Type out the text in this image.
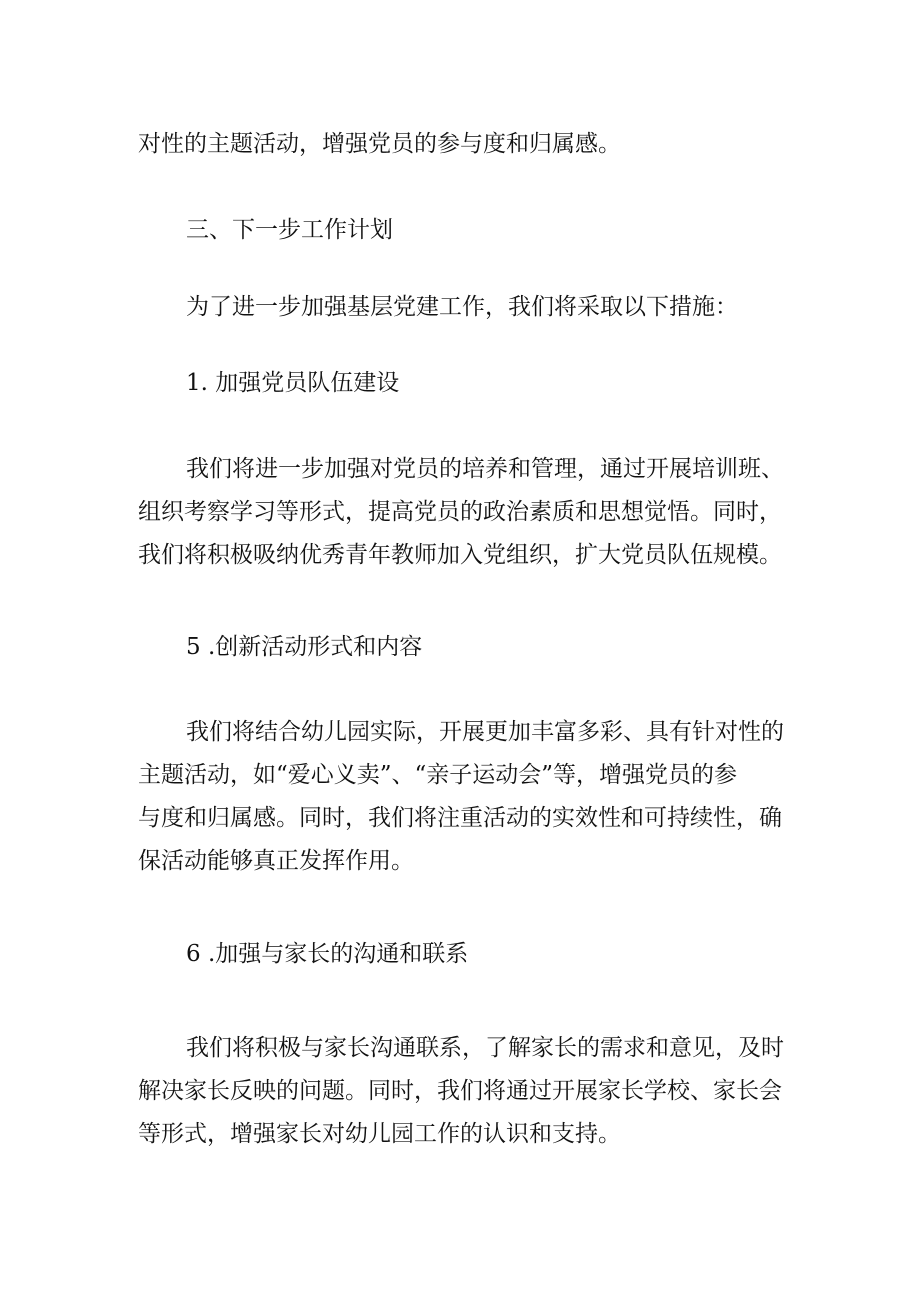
对性的主题活动，增强党员的参与度和归属感。
三、下一步工作计划
为了进一步加强基层党建工作，我们将采取以下措施：
1. 加强党员队伍建设
我们将进一步加强对党员的培养和管理，通过开展培训班、
组织考察学习等形式，提高党员的政治素质和思想觉悟。同时，
我们将积极吸纳优秀青年教师加入党组织，扩大党员队伍规模。
5 .创新活动形式和内容
我们将结合幼儿园实际，开展更加丰富多彩、具有针对性的
主题活动，如“爱心义卖”、“亲子运动会”等，增强党员的参
与度和归属感。同时，我们将注重活动的实效性和可持续性，确
保活动能够真正发挥作用。
6 .加强与家长的沟通和联系
我们将积极与家长沟通联系，了解家长的需求和意见，及时
解决家长反映的问题。同时，我们将通过开展家长学校、家长会
等形式，增强家长对幼儿园工作的认识和支持。
